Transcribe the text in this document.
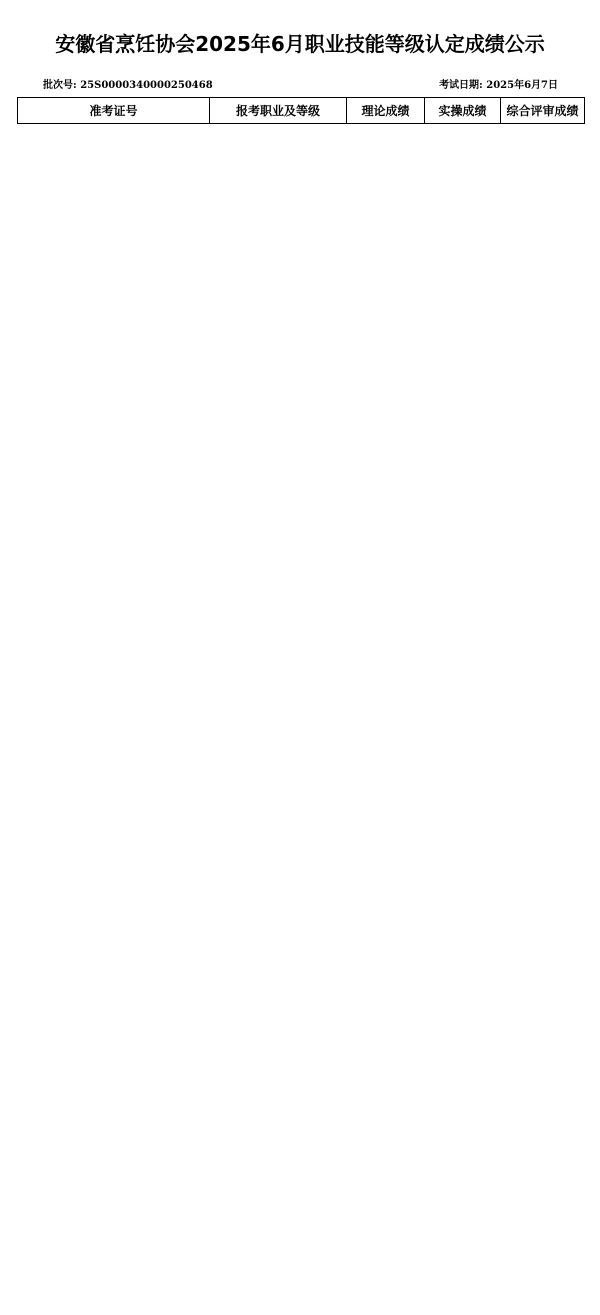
安徽省烹饪协会2025年6月职业技能等级认定成绩公示
批次号: 25S0000340000250468	考试日期: 2025年6月7日
准考证号	报考职业及等级	理论成绩	实操成绩	综合评审成绩
